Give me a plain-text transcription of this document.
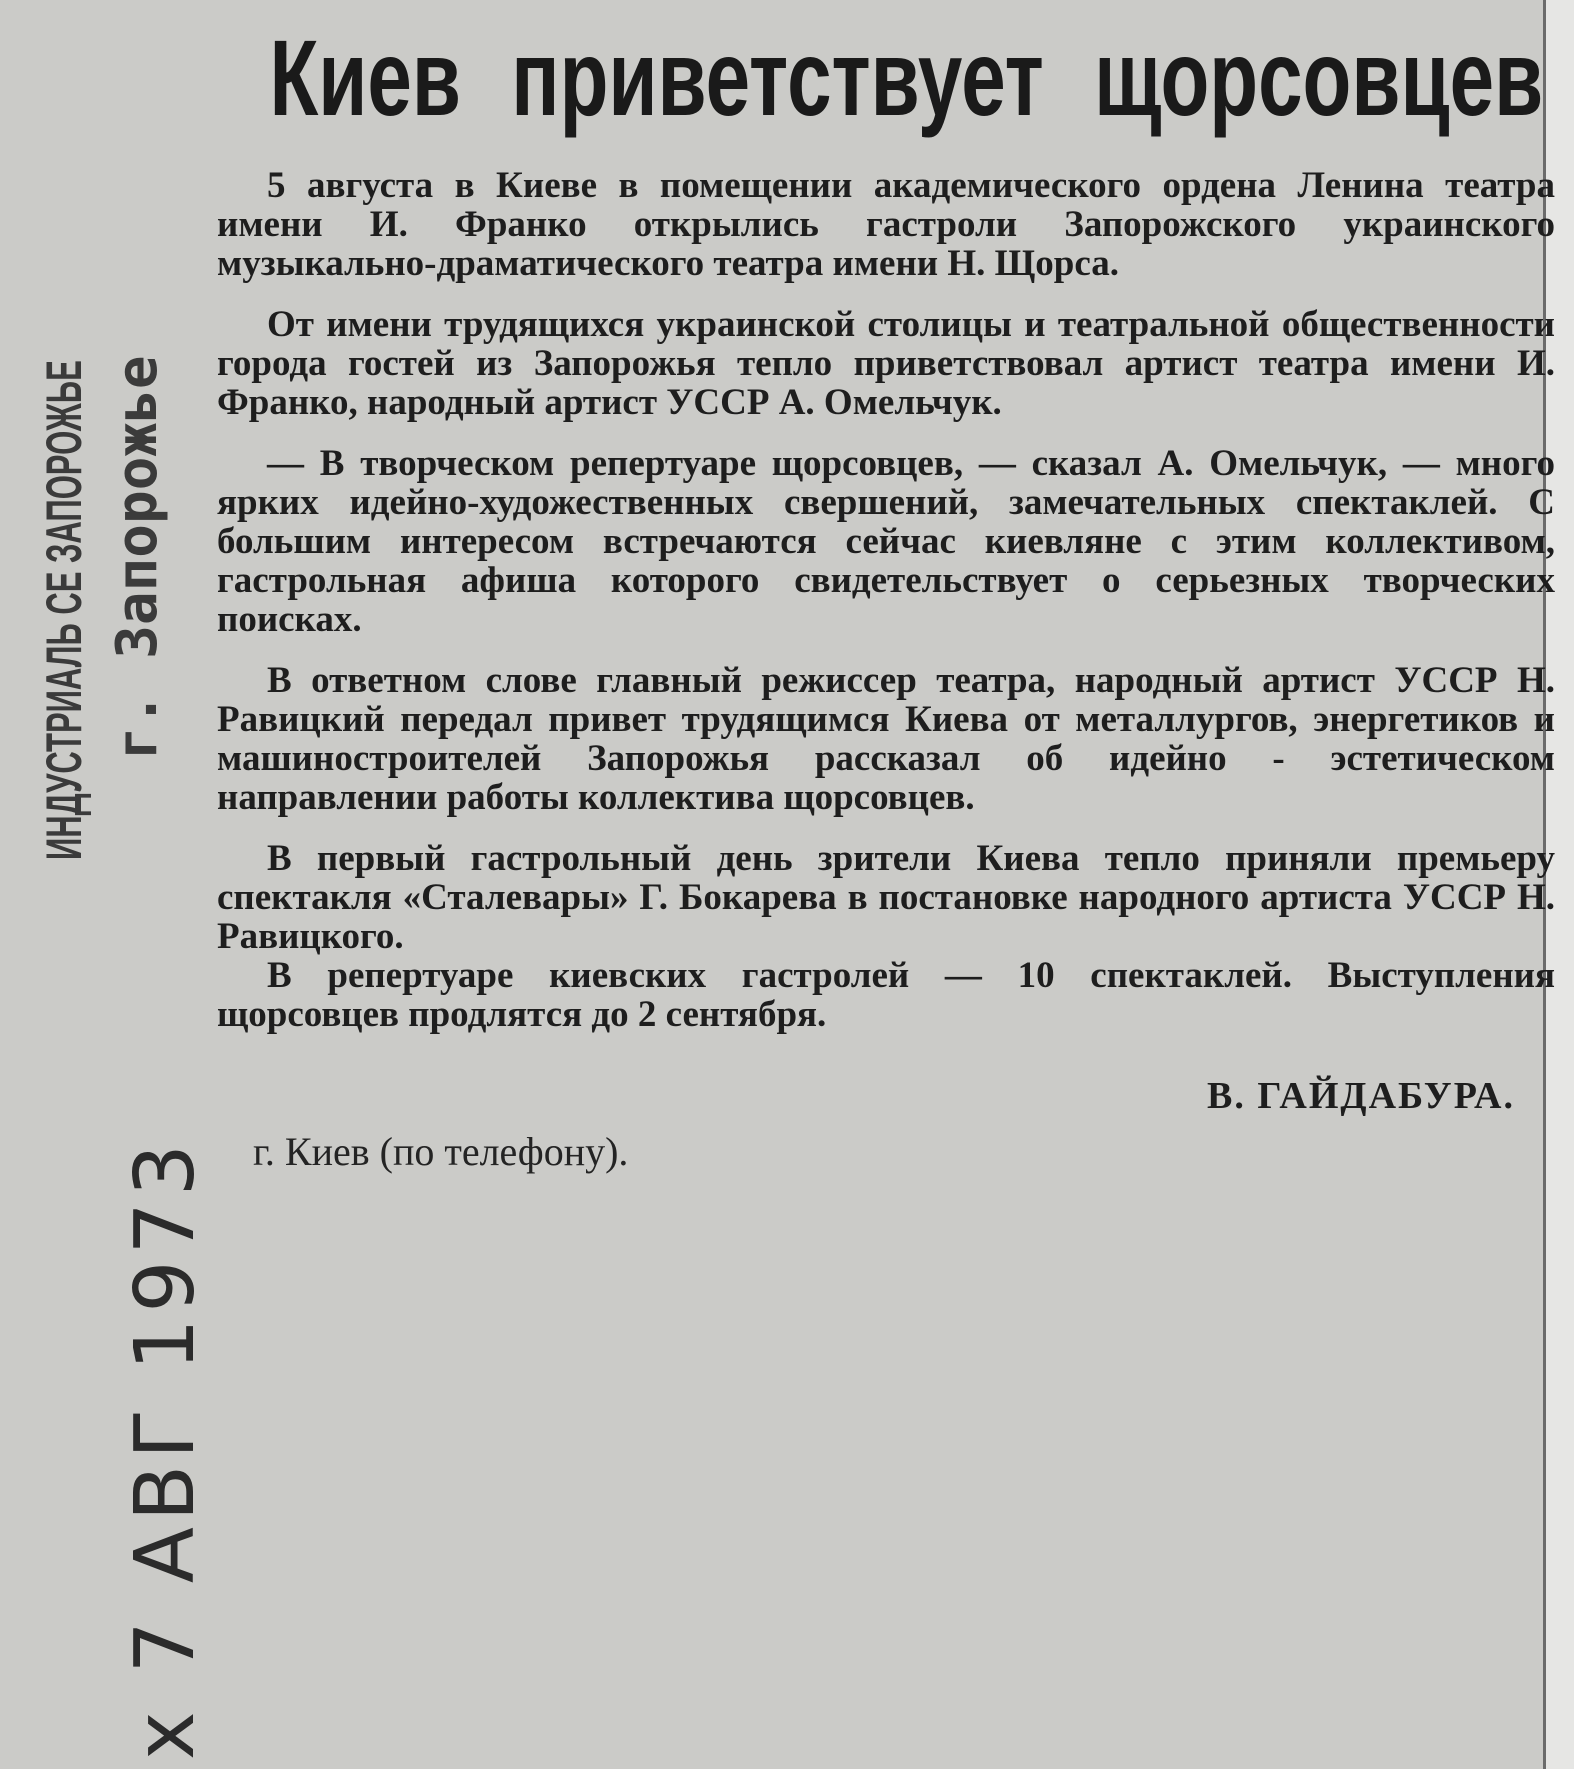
ИНДУСТРИАЛЬ СЕ ЗАПОРОЖЬЕ г. Запорожье
x 7 АВГ 1973
Киев приветствует щорсовцев

5 августа в Киеве в помещении академического ордена Ленина театра имени И. Франко открылись гастроли Запорожского украинского музыкально-драматического театра имени Н. Щорса.

От имени трудящихся украинской столицы и театральной общественности города гостей из Запорожья тепло приветствовал артист театра имени И. Франко, народный артист УССР А. Омельчук.

— В творческом репертуаре щорсовцев, — сказал А. Омельчук, — много ярких идейно-художественных свершений, замечательных спектаклей. С большим интересом встречаются сейчас киевляне с этим коллективом, гастрольная афиша которого свидетельствует о серьезных творческих поисках.

В ответном слове главный режиссер театра, народный артист УССР Н. Равицкий передал привет трудящимся Киева от металлургов, энергетиков и машиностроителей Запорожья рассказал об идейно - эстетическом направлении работы коллектива щорсовцев.

В первый гастрольный день зрители Киева тепло приняли премьеру спектакля «Сталевары» Г. Бокарева в постановке народного артиста УССР Н. Равицкого.

В репертуаре киевских гастролей — 10 спектаклей. Выступления щорсовцев продлятся до 2 сентября.

В. ГАЙДАБУРА.
г. Киев (по телефону).
